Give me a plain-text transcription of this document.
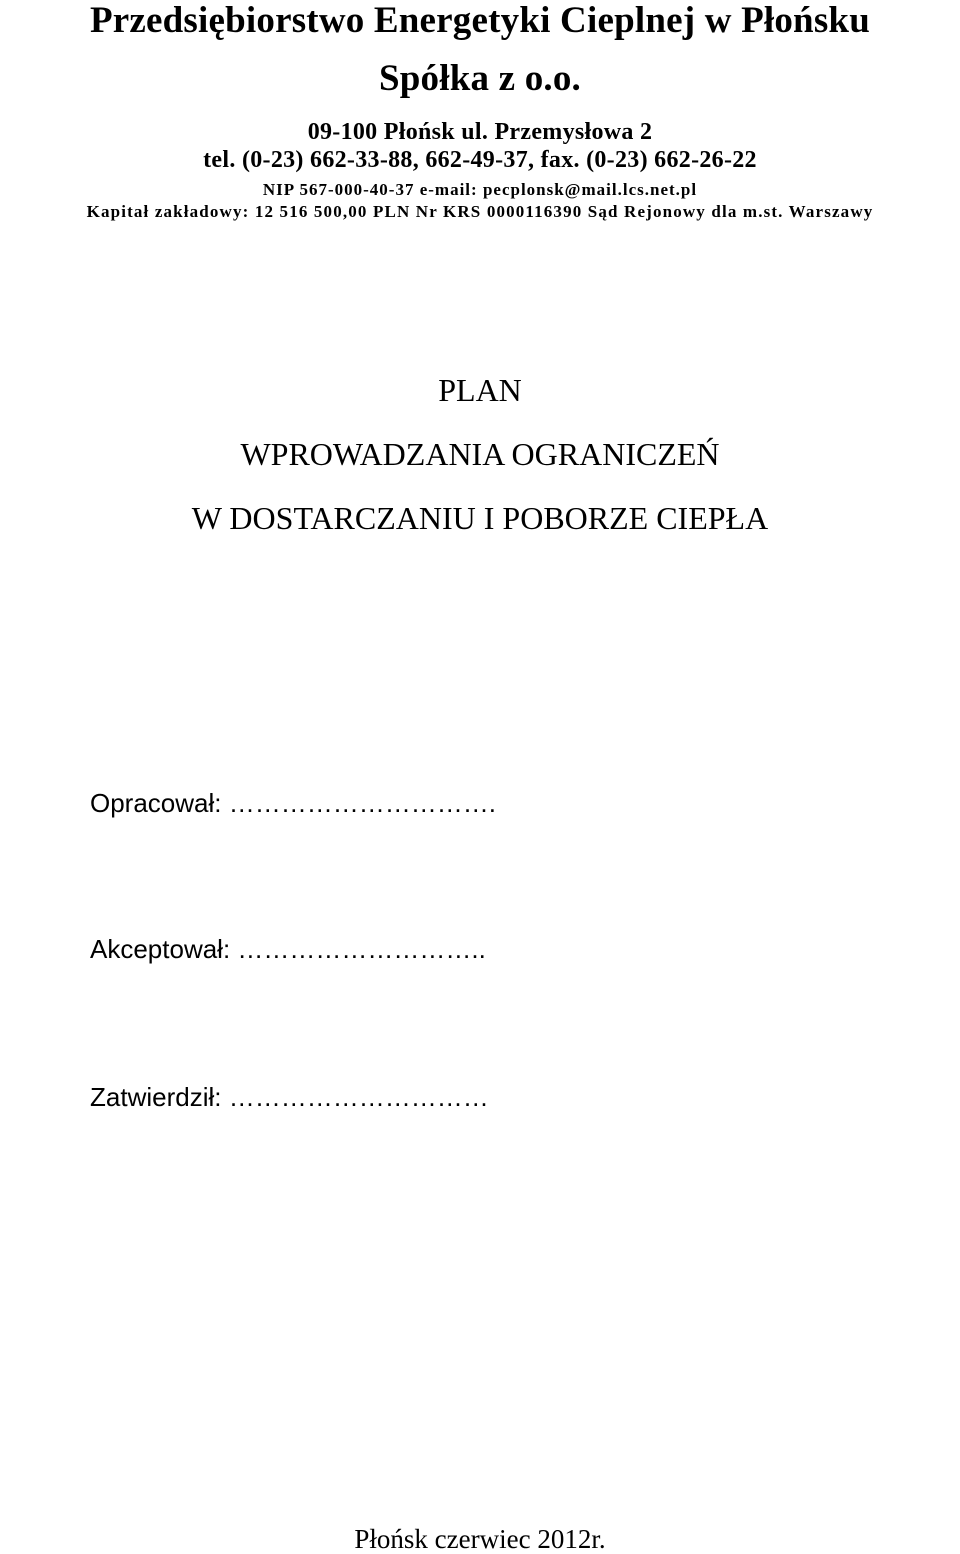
Przedsiębiorstwo Energetyki Cieplnej w Płońsku

Spółka z o.o.

09-100 Płońsk ul. Przemysłowa 2

tel. (0-23) 662-33-88, 662-49-37, fax. (0-23) 662-26-22

NIP 567-000-40-37 e-mail: pecplonsk@mail.lcs.net.pl

Kapitał zakładowy: 12 516 500,00 PLN Nr KRS 0000116390 Sąd Rejonowy dla m.st. Warszawy

PLAN

WPROWADZANIA OGRANICZEŃ

W DOSTARCZANIU I POBORZE CIEPŁA

Opracował: ………………………….

Akceptował: ………………………..

Zatwierdził: …………………………

Płońsk czerwiec 2012r.
